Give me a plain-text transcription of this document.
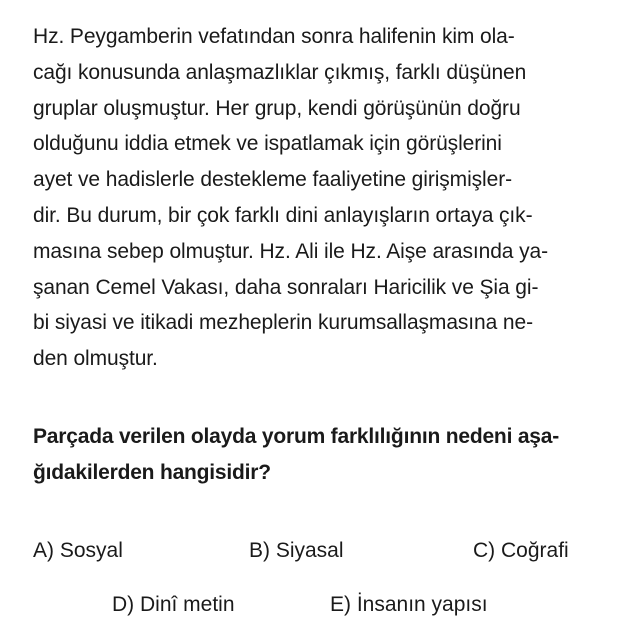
Hz. Peygamberin vefatından sonra halifenin kim ola-
cağı konusunda anlaşmazlıklar çıkmış, farklı düşünen
gruplar oluşmuştur. Her grup, kendi görüşünün doğru
olduğunu iddia etmek ve ispatlamak için görüşlerini
ayet ve hadislerle destekleme faaliyetine girişmişler-
dir. Bu durum, bir çok farklı dini anlayışların ortaya çık-
masına sebep olmuştur. Hz. Ali ile Hz. Aişe arasında ya-
şanan Cemel Vakası, daha sonraları Haricilik ve Şia gi-
bi siyasi ve itikadi mezheplerin kurumsallaşmasına ne-
den olmuştur.
Parçada verilen olayda yorum farklılığının nedeni aşa-
ğıdakilerden hangisidir?
A) Sosyal	B) Siyasal	C) Coğrafi
D) Dinî metin	E) İnsanın yapısı
